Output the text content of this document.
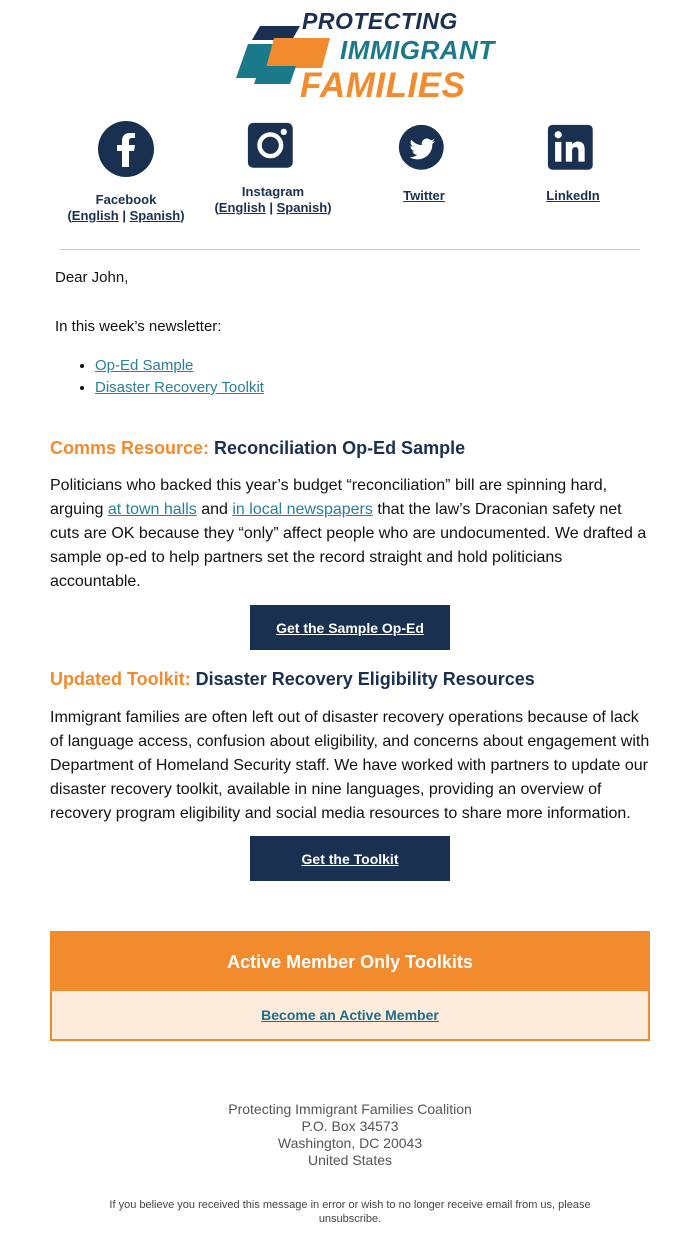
PROTECTING
IMMIGRANT
FAMILIES
Facebook
(English | Spanish)
Instagram
(English | Spanish)
Twitter	LinkedIn
Dear John,
In this week’s newsletter:
• Op-Ed Sample
• Disaster Recovery Toolkit
Comms Resource: Reconciliation Op-Ed Sample
Politicians who backed this year’s budget “reconciliation” bill are spinning hard, arguing at town halls and in local newspapers that the law’s Draconian safety net cuts are OK because they “only” affect people who are undocumented. We drafted a sample op-ed to help partners set the record straight and hold politicians accountable.
Get the Sample Op-Ed
Updated Toolkit: Disaster Recovery Eligibility Resources
Immigrant families are often left out of disaster recovery operations because of lack of language access, confusion about eligibility, and concerns about engagement with Department of Homeland Security staff. We have worked with partners to update our disaster recovery toolkit, available in nine languages, providing an overview of recovery program eligibility and social media resources to share more information.
Get the Toolkit
Active Member Only Toolkits
Become an Active Member
Protecting Immigrant Families Coalition
P.O. Box 34573
Washington, DC 20043
United States
If you believe you received this message in error or wish to no longer receive email from us, please unsubscribe.
